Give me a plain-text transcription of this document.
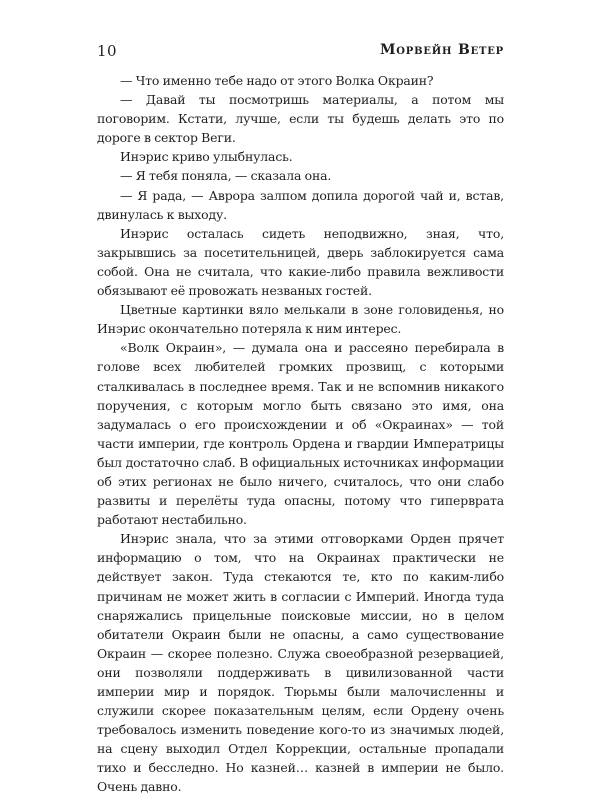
10	Морвейн Ветер

— Что именно тебе надо от этого Волка Окраин?

— Давай ты посмотришь материалы, а потом мы поговорим. Кстати, лучше, если ты будешь делать это по дороге в сектор Веги.

Инэрис криво улыбнулась.

— Я тебя поняла, — сказала она.

— Я рада, — Аврора залпом допила дорогой чай и, встав, двинулась к выходу.

Инэрис осталась сидеть неподвижно, зная, что, закрывшись за посетительницей, дверь заблокируется сама собой. Она не считала, что какие-либо правила вежливости обязывают её провожать незваных гостей.

Цветные картинки вяло мелькали в зоне головиденья, но Инэрис окончательно потеряла к ним интерес.

«Волк Окраин», — думала она и рассеяно перебирала в голове всех любителей громких прозвищ, с которыми сталкивалась в последнее время. Так и не вспомнив никакого поручения, с которым могло быть связано это имя, она задумалась о его происхождении и об «Окраинах» — той части империи, где контроль Ордена и гвардии Императрицы был достаточно слаб. В официальных источниках информации об этих регионах не было ничего, считалось, что они слабо развиты и перелёты туда опасны, потому что гиперврата работают нестабильно.

Инэрис знала, что за этими отговорками Орден прячет информацию о том, что на Окраинах практически не действует закон. Туда стекаются те, кто по каким-либо причинам не может жить в согласии с Империй. Иногда туда снаряжались прицельные поисковые миссии, но в целом обитатели Окраин были не опасны, а само существование Окраин — скорее полезно. Служа своеобразной резервацией, они позволяли поддерживать в цивилизованной части империи мир и порядок. Тюрьмы были малочисленны и служили скорее показательным целям, если Ордену очень требовалось изменить поведение кого-то из значимых людей, на сцену выходил Отдел Коррекции, остальные пропадали тихо и бесследно. Но казней… казней в империи не было. Очень давно.
